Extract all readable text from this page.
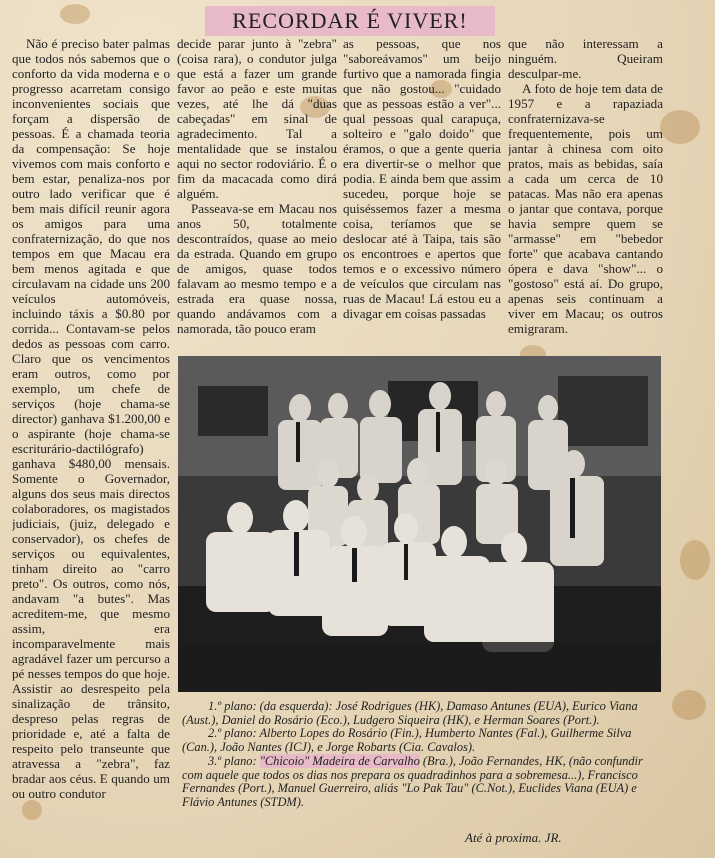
RECORDAR É VIVER!

Não é preciso bater palmas que todos nós sabemos que o conforto da vida moderna e o progresso acarretam consigo inconvenientes sociais que forçam a dispersão de pessoas. É a chamada teoria da compensação: Se hoje vivemos com mais conforto e bem estar, penaliza-nos por outro lado verificar que é bem mais difícil reunir agora os amigos para uma confraternização, do que nos tempos em que Macau era bem menos agitada e que circulavam na cidade uns 200 veículos automóveis, incluindo táxis a $0.80 por corrida... Contavam-se pelos dedos as pessoas com carro. Claro que os vencimentos eram outros, como por exemplo, um chefe de serviços (hoje chama-se director) ganhava $1.200,00 e o aspirante (hoje chama-se escriturário-dactilógrafo) ganhava $480,00 mensais. Somente o Governador, alguns dos seus mais directos colaboradores, os magistados judiciais, (juiz, delegado e conservador), os chefes de serviços ou equivalentes, tinham direito ao "carro preto". Os outros, como nós, andavam "a butes". Mas acreditem-me, que mesmo assim, era incomparavelmente mais agradável fazer um percurso a pé nesses tempos do que hoje. Assistir ao desrespeito pela sinalização de trânsito, despreso pelas regras de prioridade e, até a falta de respeito pelo transeunte que atravessa a "zebra", faz bradar aos céus. E quando um ou outro condutor

decide parar junto à "zebra" (coisa rara), o condutor julga que está a fazer um grande favor ao peão e este muitas vezes, até lhe dá "duas cabeçadas" em sinal de agradecimento. Tal a mentalidade que se instalou aqui no sector rodoviário. É o fim da macacada como dirá alguém.

Passeava-se em Macau nos anos 50, totalmente descontraídos, quase ao meio da estrada. Quando em grupo de amigos, quase todos falavam ao mesmo tempo e a estrada era quase nossa, quando andávamos com a namorada, tão pouco eram

as pessoas, que nos "saboreávamos" um beijo furtivo que a namorada fingia que não gostou... "cuidado que as pessoas estão a ver"... qual pessoas qual carapuça, solteiro e "galo doido" que éramos, o que a gente queria era divertir-se o melhor que podia. E ainda bem que assim sucedeu, porque hoje se quiséssemos fazer a mesma coisa, teríamos que se deslocar até à Taipa, tais são os encontroes e apertos que temos e o excessivo número de veículos que circulam nas ruas de Macau! Lá estou eu a divagar em coisas passadas

que não interessam a ninguém. Queiram desculpar-me.

A foto de hoje tem data de 1957 e a rapaziada confraternizava-se frequentemente, pois um jantar à chinesa com oito pratos, mais as bebidas, saía a cada um cerca de 10 patacas. Mas não era apenas o jantar que contava, porque havia sempre quem se "armasse" em "bebedor forte" que acabava cantando ópera e dava "show"... o "gostoso" está aí. Do grupo, apenas seis continuam a viver em Macau; os outros emigraram.

1.º plano: (da esquerda): José Rodrigues (HK), Damaso Antunes (EUA), Eurico Viana (Aust.), Daniel do Rosário (Eco.), Ludgero Siqueira (HK), e Herman Soares (Port.).

2.º plano: Alberto Lopes do Rosário (Fin.), Humberto Nantes (Fal.), Guilherme Silva (Can.), João Nantes (ICJ), e Jorge Robarts (Cia. Cavalos).

3.º plano: "Chicoio" Madeira de Carvalho (Bra.), João Fernandes, HK, (não confundir com aquele que todos os dias nos prepara os quadradinhos para a sobremesa...), Francisco Fernandes (Port.), Manuel Guerreiro, aliás "Lo Pak Tau" (C.Not.), Euclides Viana (EUA) e Flávio Antunes (STDM).

Até à proxima. JR.
